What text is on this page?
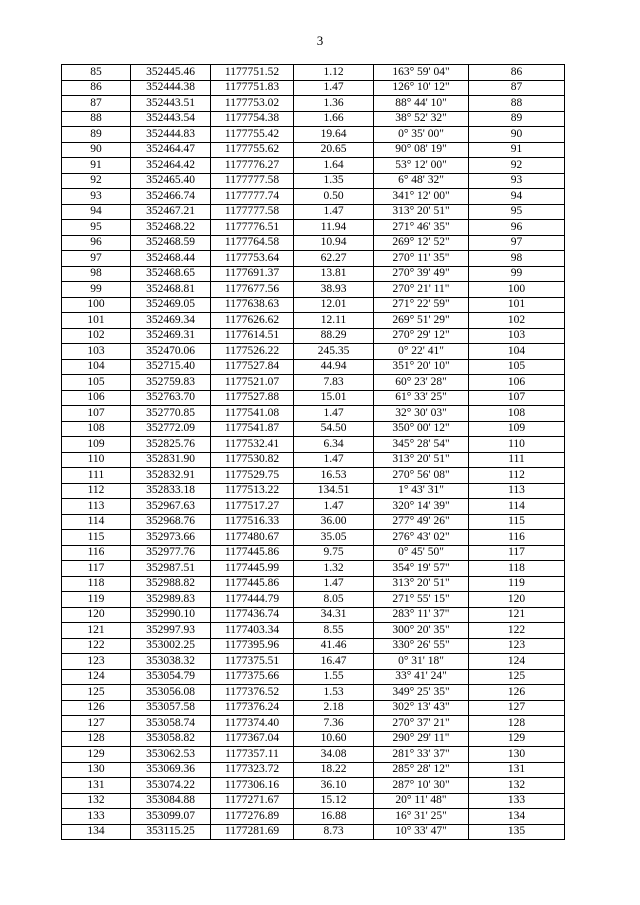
3
85	352445.46	1177751.52	1.12	163° 59' 04"	86
86	352444.38	1177751.83	1.47	126° 10' 12"	87
87	352443.51	1177753.02	1.36	88° 44' 10"	88
88	352443.54	1177754.38	1.66	38° 52' 32"	89
89	352444.83	1177755.42	19.64	0° 35' 00"	90
90	352464.47	1177755.62	20.65	90° 08' 19"	91
91	352464.42	1177776.27	1.64	53° 12' 00"	92
92	352465.40	1177777.58	1.35	6° 48' 32"	93
93	352466.74	1177777.74	0.50	341° 12' 00"	94
94	352467.21	1177777.58	1.47	313° 20' 51"	95
95	352468.22	1177776.51	11.94	271° 46' 35"	96
96	352468.59	1177764.58	10.94	269° 12' 52"	97
97	352468.44	1177753.64	62.27	270° 11' 35"	98
98	352468.65	1177691.37	13.81	270° 39' 49"	99
99	352468.81	1177677.56	38.93	270° 21' 11"	100
100	352469.05	1177638.63	12.01	271° 22' 59"	101
101	352469.34	1177626.62	12.11	269° 51' 29"	102
102	352469.31	1177614.51	88.29	270° 29' 12"	103
103	352470.06	1177526.22	245.35	0° 22' 41"	104
104	352715.40	1177527.84	44.94	351° 20' 10"	105
105	352759.83	1177521.07	7.83	60° 23' 28"	106
106	352763.70	1177527.88	15.01	61° 33' 25"	107
107	352770.85	1177541.08	1.47	32° 30' 03"	108
108	352772.09	1177541.87	54.50	350° 00' 12"	109
109	352825.76	1177532.41	6.34	345° 28' 54"	110
110	352831.90	1177530.82	1.47	313° 20' 51"	111
111	352832.91	1177529.75	16.53	270° 56' 08"	112
112	352833.18	1177513.22	134.51	1° 43' 31"	113
113	352967.63	1177517.27	1.47	320° 14' 39"	114
114	352968.76	1177516.33	36.00	277° 49' 26"	115
115	352973.66	1177480.67	35.05	276° 43' 02"	116
116	352977.76	1177445.86	9.75	0° 45' 50"	117
117	352987.51	1177445.99	1.32	354° 19' 57"	118
118	352988.82	1177445.86	1.47	313° 20' 51"	119
119	352989.83	1177444.79	8.05	271° 55' 15"	120
120	352990.10	1177436.74	34.31	283° 11' 37"	121
121	352997.93	1177403.34	8.55	300° 20' 35"	122
122	353002.25	1177395.96	41.46	330° 26' 55"	123
123	353038.32	1177375.51	16.47	0° 31' 18"	124
124	353054.79	1177375.66	1.55	33° 41' 24"	125
125	353056.08	1177376.52	1.53	349° 25' 35"	126
126	353057.58	1177376.24	2.18	302° 13' 43"	127
127	353058.74	1177374.40	7.36	270° 37' 21"	128
128	353058.82	1177367.04	10.60	290° 29' 11"	129
129	353062.53	1177357.11	34.08	281° 33' 37"	130
130	353069.36	1177323.72	18.22	285° 28' 12"	131
131	353074.22	1177306.16	36.10	287° 10' 30"	132
132	353084.88	1177271.67	15.12	20° 11' 48"	133
133	353099.07	1177276.89	16.88	16° 31' 25"	134
134	353115.25	1177281.69	8.73	10° 33' 47"	135
